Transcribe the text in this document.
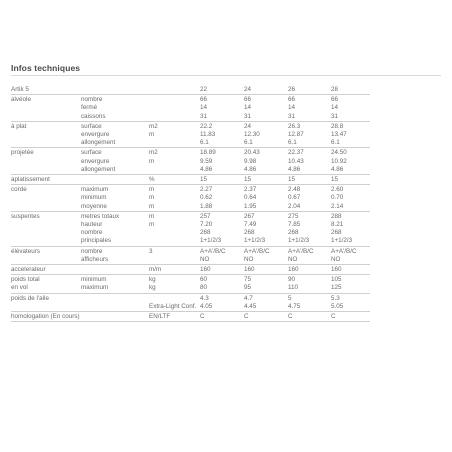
Infos techniques
Artik 5			22	24	26	28
alvéole	nombre		66	66	66	66
	fermé		14	14	14	14
	caissons		31	31	31	31
à plat	surface	m2	22.2	24	26.3	28.8
	envergure	m	11.83	12.30	12.87	13.47
	allongement		6.1	6.1	6.1	6.1
projetée	surface	m2	18.89	20.43	22.37	24.50
	envergure	m	9.59	9.98	10.43	10.92
	allongement		4.86	4.86	4.86	4.86
aplatissement		%	15	15	15	15
corde	maximum	m	2.27	2.37	2.48	2.60
	minimum	m	0.62	0.64	0.67	0.70
	moyenne	m	1.88	1.95	2.04	2.14
suspentes	metres totaux	m	257	267	275	288
	hauteur	m	7.20	7.49	7.85	8.21
	nombre		268	268	268	268
	principales		1+1/2/3	1+1/2/3	1+1/2/3	1+1/2/3
élévateurs	nombre	3	A+A'/B/C	A+A'/B/C	A+A'/B/C	A+A'/B/C
	afficheurs		NO	NO	NO	NO
accelerateur		m/m	160	160	160	160
poids total	minimum	kg	60	75	90	105
en vol	maximum	kg	80	95	110	125
poids de l'aile			4.3	4.7	5	5.3
		Extra-Light Conf.	4.05	4.45	4.75	5.05
homologation (En cours)		EN/LTF	C	C	C	C
